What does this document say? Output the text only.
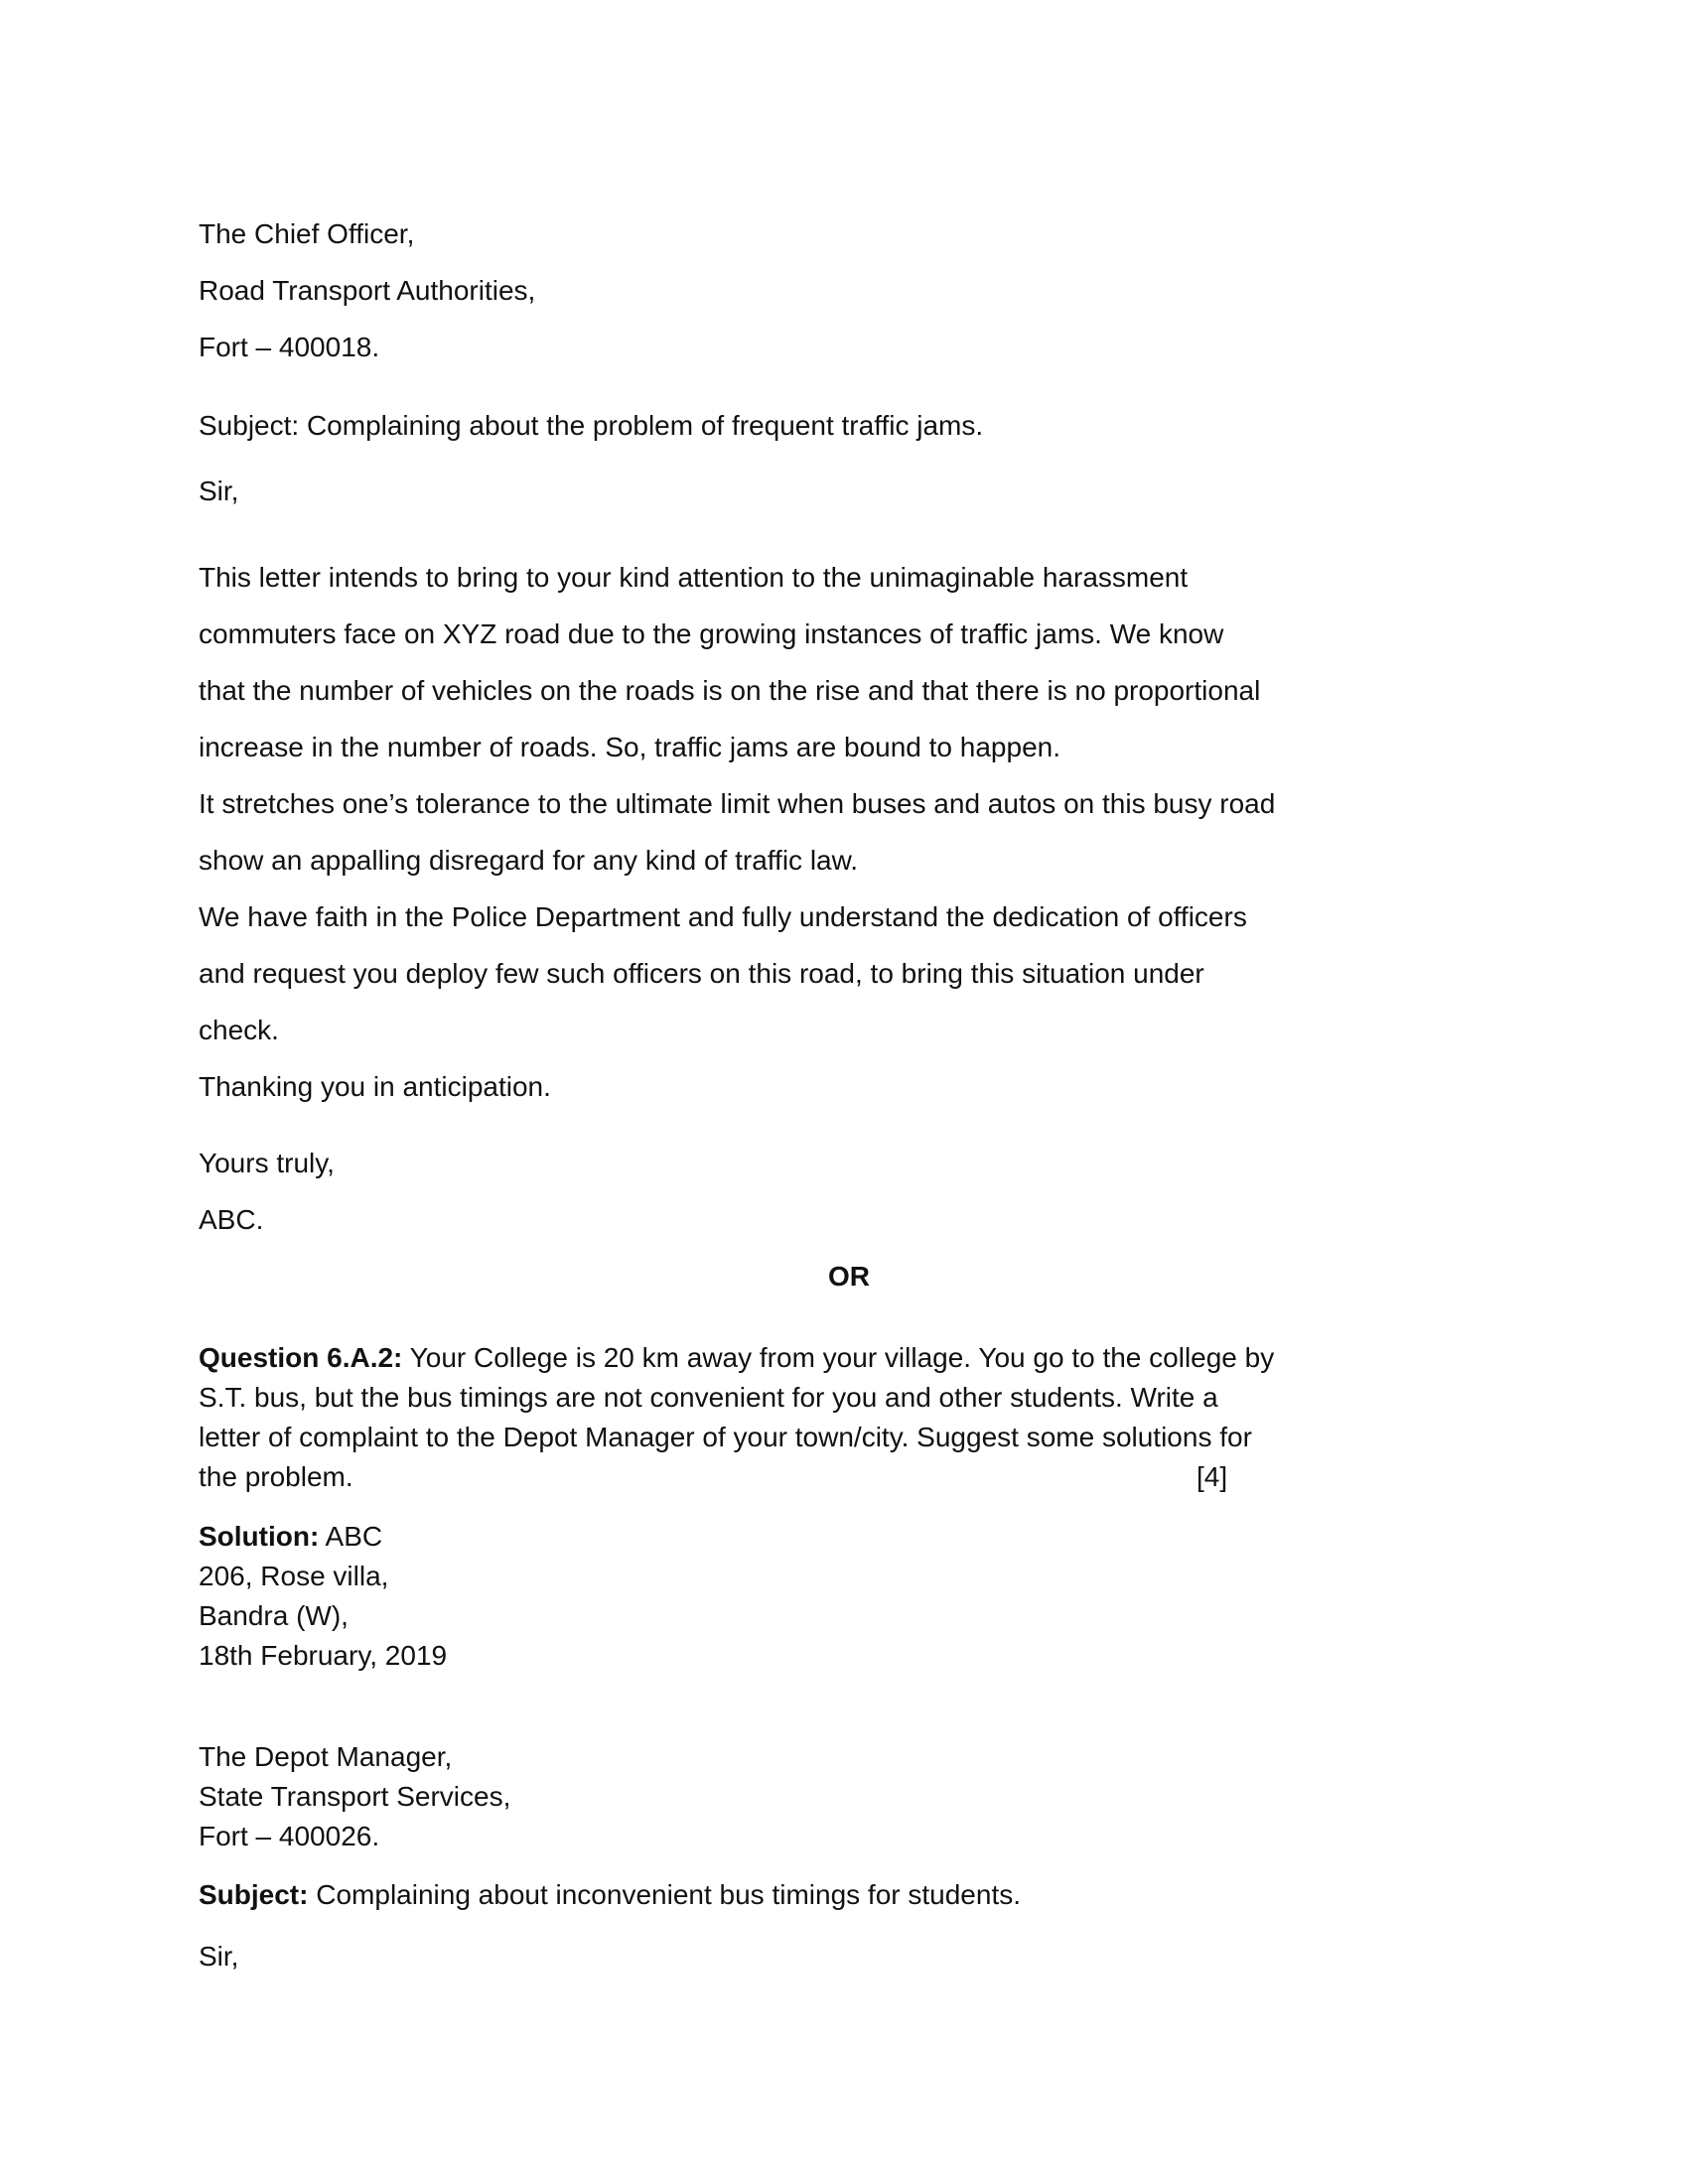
The Chief Officer,
Road Transport Authorities,
Fort – 400018.
Subject: Complaining about the problem of frequent traffic jams.
Sir,
This letter intends to bring to your kind attention to the unimaginable harassment
commuters face on XYZ road due to the growing instances of traffic jams. We know
that the number of vehicles on the roads is on the rise and that there is no proportional
increase in the number of roads. So, traffic jams are bound to happen.
It stretches one’s tolerance to the ultimate limit when buses and autos on this busy road
show an appalling disregard for any kind of traffic law.
We have faith in the Police Department and fully understand the dedication of officers
and request you deploy few such officers on this road, to bring this situation under
check.
Thanking you in anticipation.
Yours truly,
ABC.
OR
Question 6.A.2: Your College is 20 km away from your village. You go to the college by
S.T. bus, but the bus timings are not convenient for you and other students. Write a
letter of complaint to the Depot Manager of your town/city. Suggest some solutions for
the problem.	[4]
Solution: ABC
206, Rose villa,
Bandra (W),
18th February, 2019
The Depot Manager,
State Transport Services,
Fort – 400026.
Subject: Complaining about inconvenient bus timings for students.
Sir,
